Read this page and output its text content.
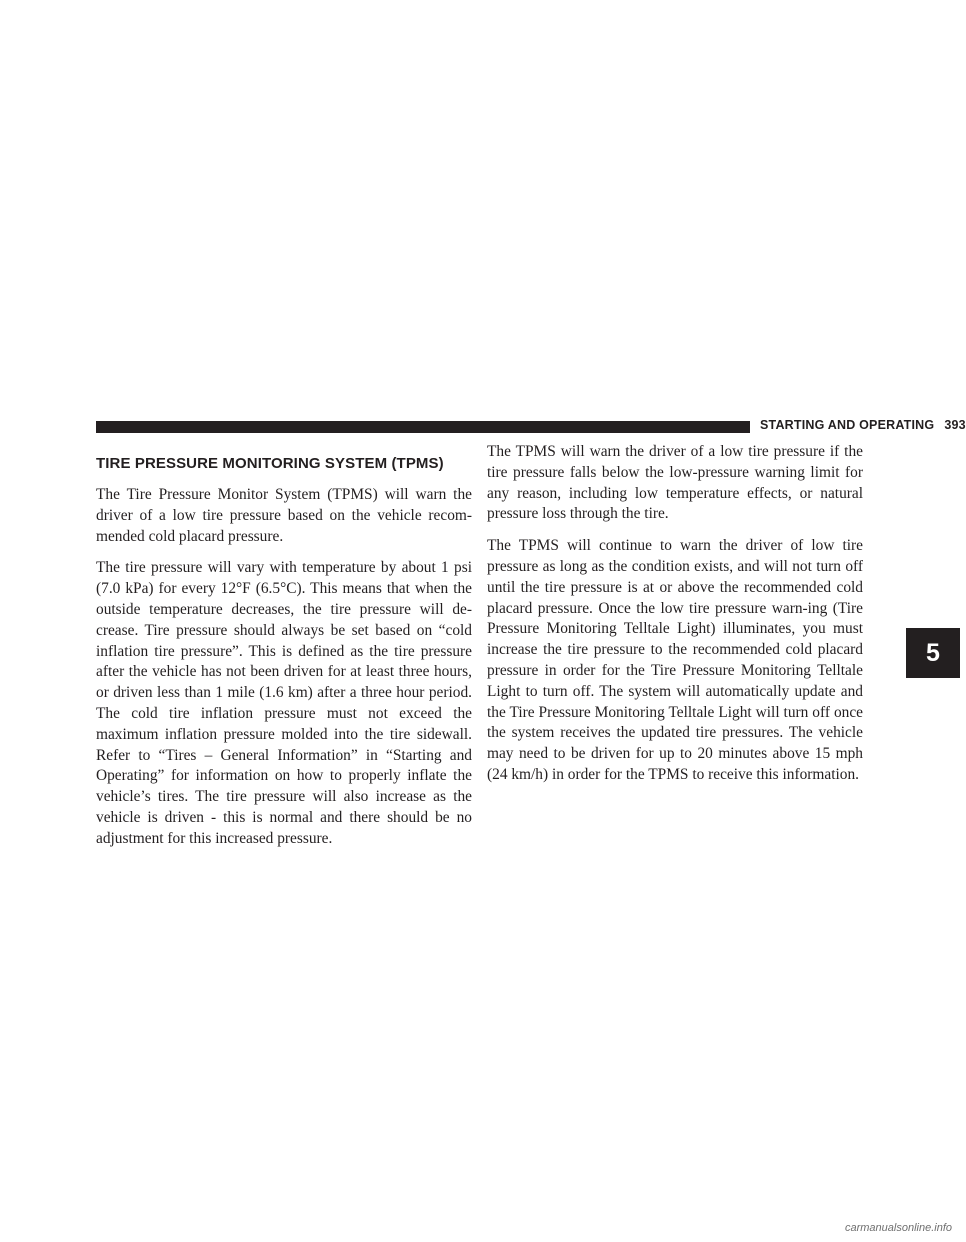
STARTING AND OPERATING 393
TIRE PRESSURE MONITORING SYSTEM (TPMS)

The Tire Pressure Monitor System (TPMS) will warn the driver of a low tire pressure based on the vehicle recom-mended cold placard pressure.

The tire pressure will vary with temperature by about 1 psi (7.0 kPa) for every 12°F (6.5°C). This means that when the outside temperature decreases, the tire pressure will de-crease. Tire pressure should always be set based on “cold inflation tire pressure”. This is defined as the tire pressure after the vehicle has not been driven for at least three hours, or driven less than 1 mile (1.6 km) after a three hour period. The cold tire inflation pressure must not exceed the maximum inflation pressure molded into the tire sidewall. Refer to “Tires – General Information” in “Starting and Operating” for information on how to properly inflate the vehicle’s tires. The tire pressure will also increase as the vehicle is driven - this is normal and there should be no adjustment for this increased pressure.

The TPMS will warn the driver of a low tire pressure if the tire pressure falls below the low-pressure warning limit for any reason, including low temperature effects, or natural pressure loss through the tire.

The TPMS will continue to warn the driver of low tire pressure as long as the condition exists, and will not turn off until the tire pressure is at or above the recommended cold placard pressure. Once the low tire pressure warn-ing (Tire Pressure Monitoring Telltale Light) illuminates, you must increase the tire pressure to the recommended cold placard pressure in order for the Tire Pressure Monitoring Telltale Light to turn off. The system will automatically update and the Tire Pressure Monitoring Telltale Light will turn off once the system receives the updated tire pressures. The vehicle may need to be driven for up to 20 minutes above 15 mph (24 km/h) in order for the TPMS to receive this information.

5
carmanualsonline.info
